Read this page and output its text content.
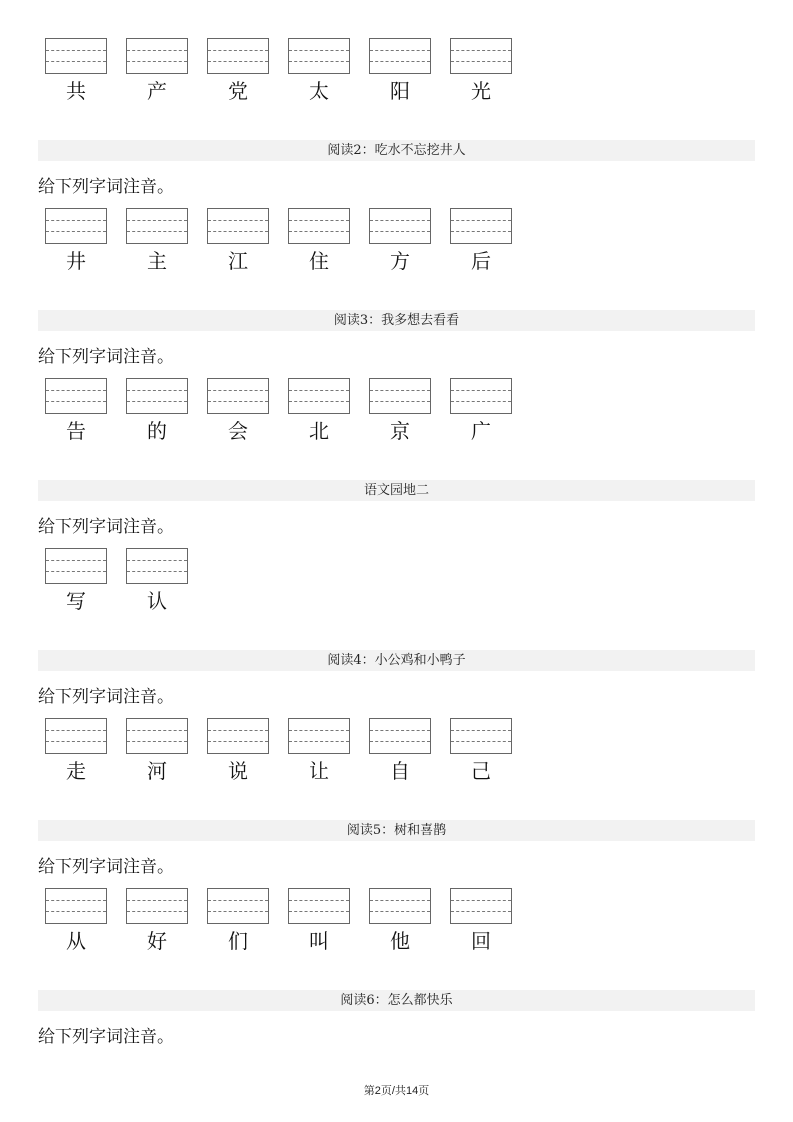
共	产	党	太	阳	光
阅读2：吃水不忘挖井人
给下列字词注音。
井	主	江	住	方	后
阅读3：我多想去看看
给下列字词注音。
告	的	会	北	京	广
语文园地二
给下列字词注音。
写	认
阅读4：小公鸡和小鸭子
给下列字词注音。
走	河	说	让	自	己
阅读5：树和喜鹊
给下列字词注音。
从	好	们	叫	他	回
阅读6：怎么都快乐
给下列字词注音。
第2页/共14页
